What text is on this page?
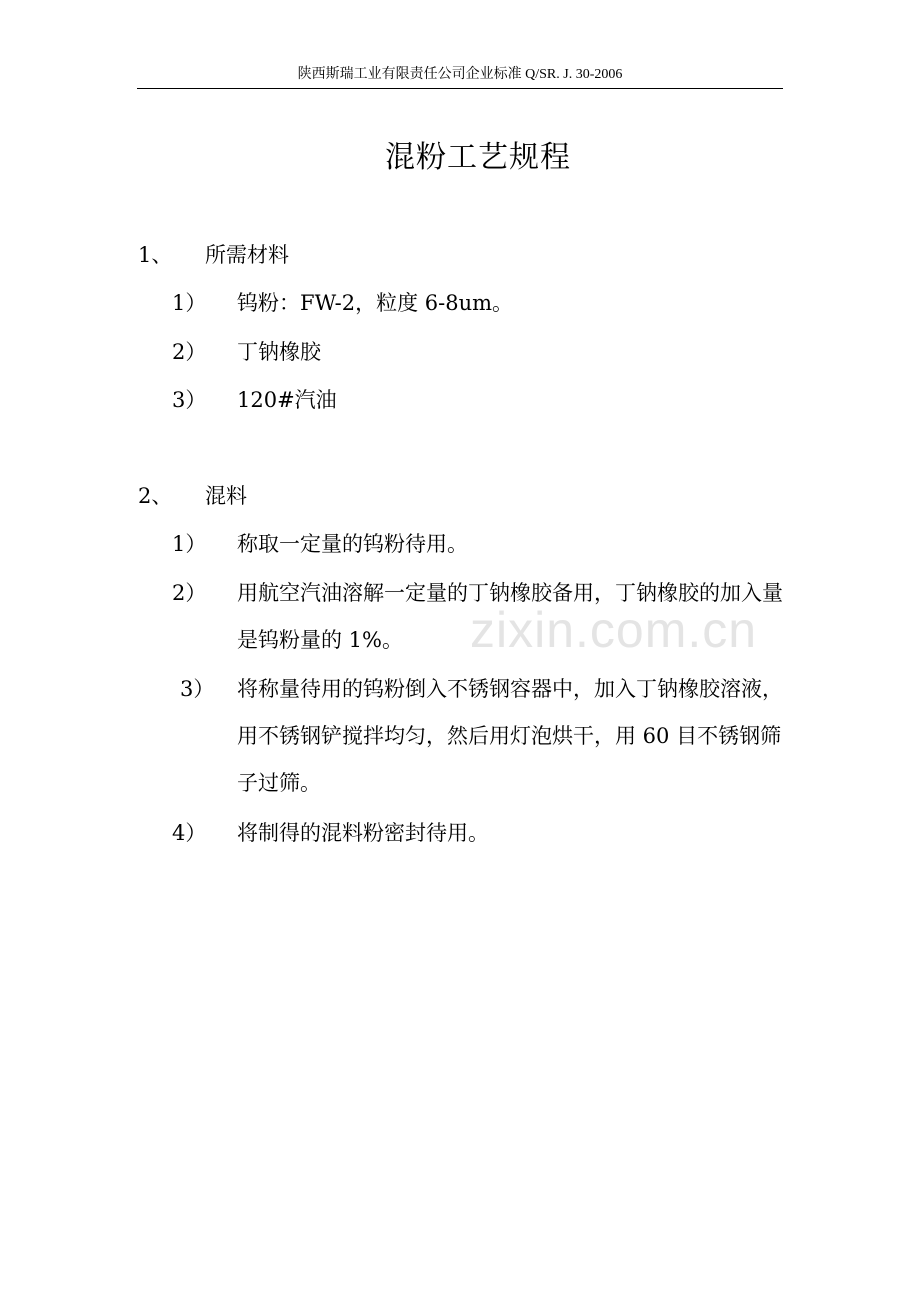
陕西斯瑞工业有限责任公司企业标准 Q/SR. J. 30-2006
混粉工艺规程
1、 所需材料
1） 钨粉：FW-2，粒度 6-8um。
2） 丁钠橡胶
3） 120#汽油
2、 混料
1） 称取一定量的钨粉待用。
2） 用航空汽油溶解一定量的丁钠橡胶备用，丁钠橡胶的加入量是钨粉量的 1%。
3） 将称量待用的钨粉倒入不锈钢容器中，加入丁钠橡胶溶液，用不锈钢铲搅拌均匀，然后用灯泡烘干，用 60 目不锈钢筛子过筛。
4） 将制得的混料粉密封待用。
zixin.com.cn
